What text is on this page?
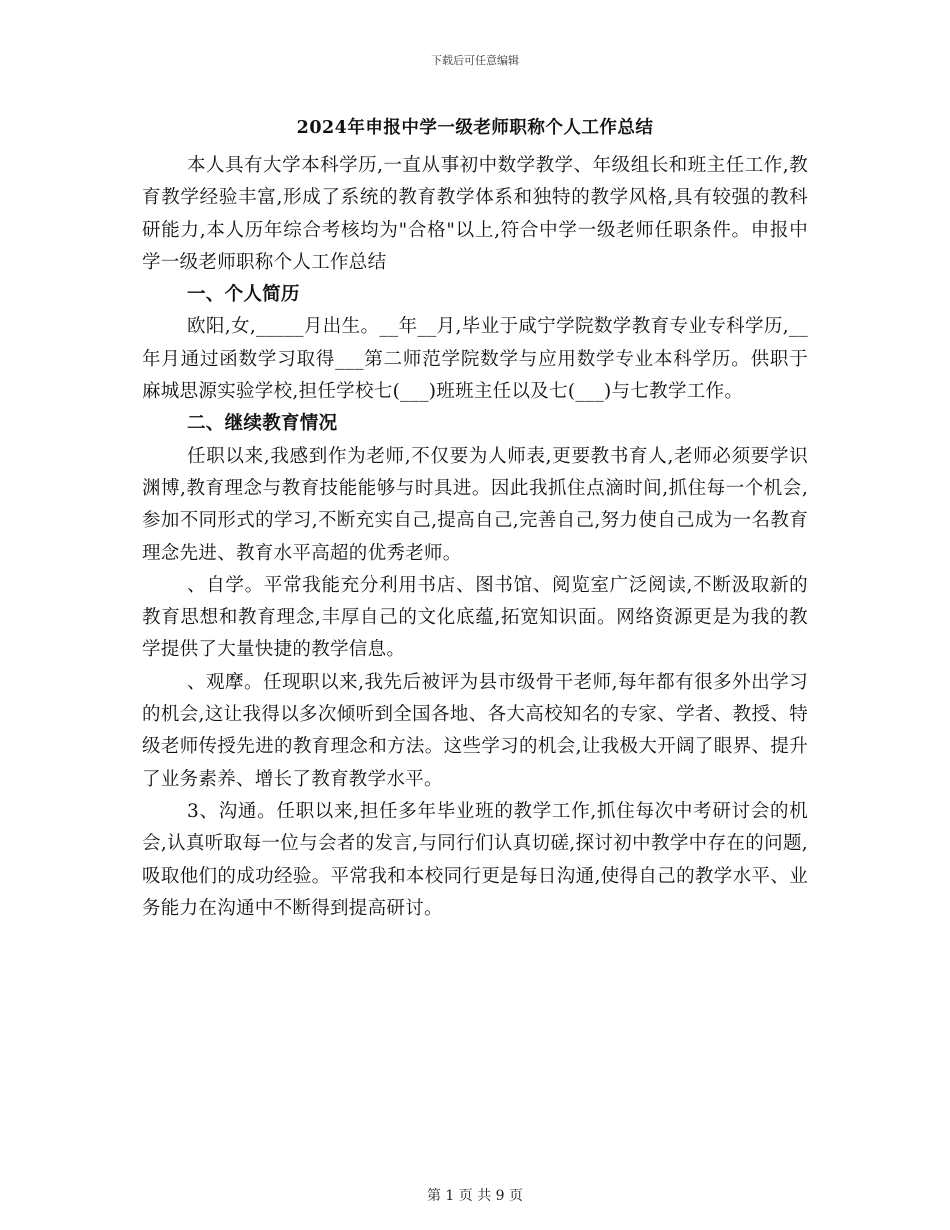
下载后可任意编辑
2024年申报中学一级老师职称个人工作总结

本人具有大学本科学历,一直从事初中数学教学、年级组长和班主任工作,教育教学经验丰富,形成了系统的教育教学体系和独特的教学风格,具有较强的教科研能力,本人历年综合考核均为"合格"以上,符合中学一级老师任职条件。申报中学一级老师职称个人工作总结

一、个人简历

欧阳,女,_____月出生。__年__月,毕业于咸宁学院数学教育专业专科学历,__年月通过函数学习取得___第二师范学院数学与应用数学专业本科学历。供职于麻城思源实验学校,担任学校七(___)班班主任以及七(___)与七教学工作。

二、继续教育情况

任职以来,我感到作为老师,不仅要为人师表,更要教书育人,老师必须要学识渊博,教育理念与教育技能能够与时具进。因此我抓住点滴时间,抓住每一个机会,参加不同形式的学习,不断充实自己,提高自己,完善自己,努力使自己成为一名教育理念先进、教育水平高超的优秀老师。

、自学。平常我能充分利用书店、图书馆、阅览室广泛阅读,不断汲取新的教育思想和教育理念,丰厚自己的文化底蕴,拓宽知识面。网络资源更是为我的教学提供了大量快捷的教学信息。

、观摩。任现职以来,我先后被评为县市级骨干老师,每年都有很多外出学习的机会,这让我得以多次倾听到全国各地、各大高校知名的专家、学者、教授、特级老师传授先进的教育理念和方法。这些学习的机会,让我极大开阔了眼界、提升了业务素养、增长了教育教学水平。

3、沟通。任职以来,担任多年毕业班的教学工作,抓住每次中考研讨会的机会,认真听取每一位与会者的发言,与同行们认真切磋,探讨初中教学中存在的问题,吸取他们的成功经验。平常我和本校同行更是每日沟通,使得自己的教学水平、业务能力在沟通中不断得到提高研讨。

第 1 页 共 9 页
